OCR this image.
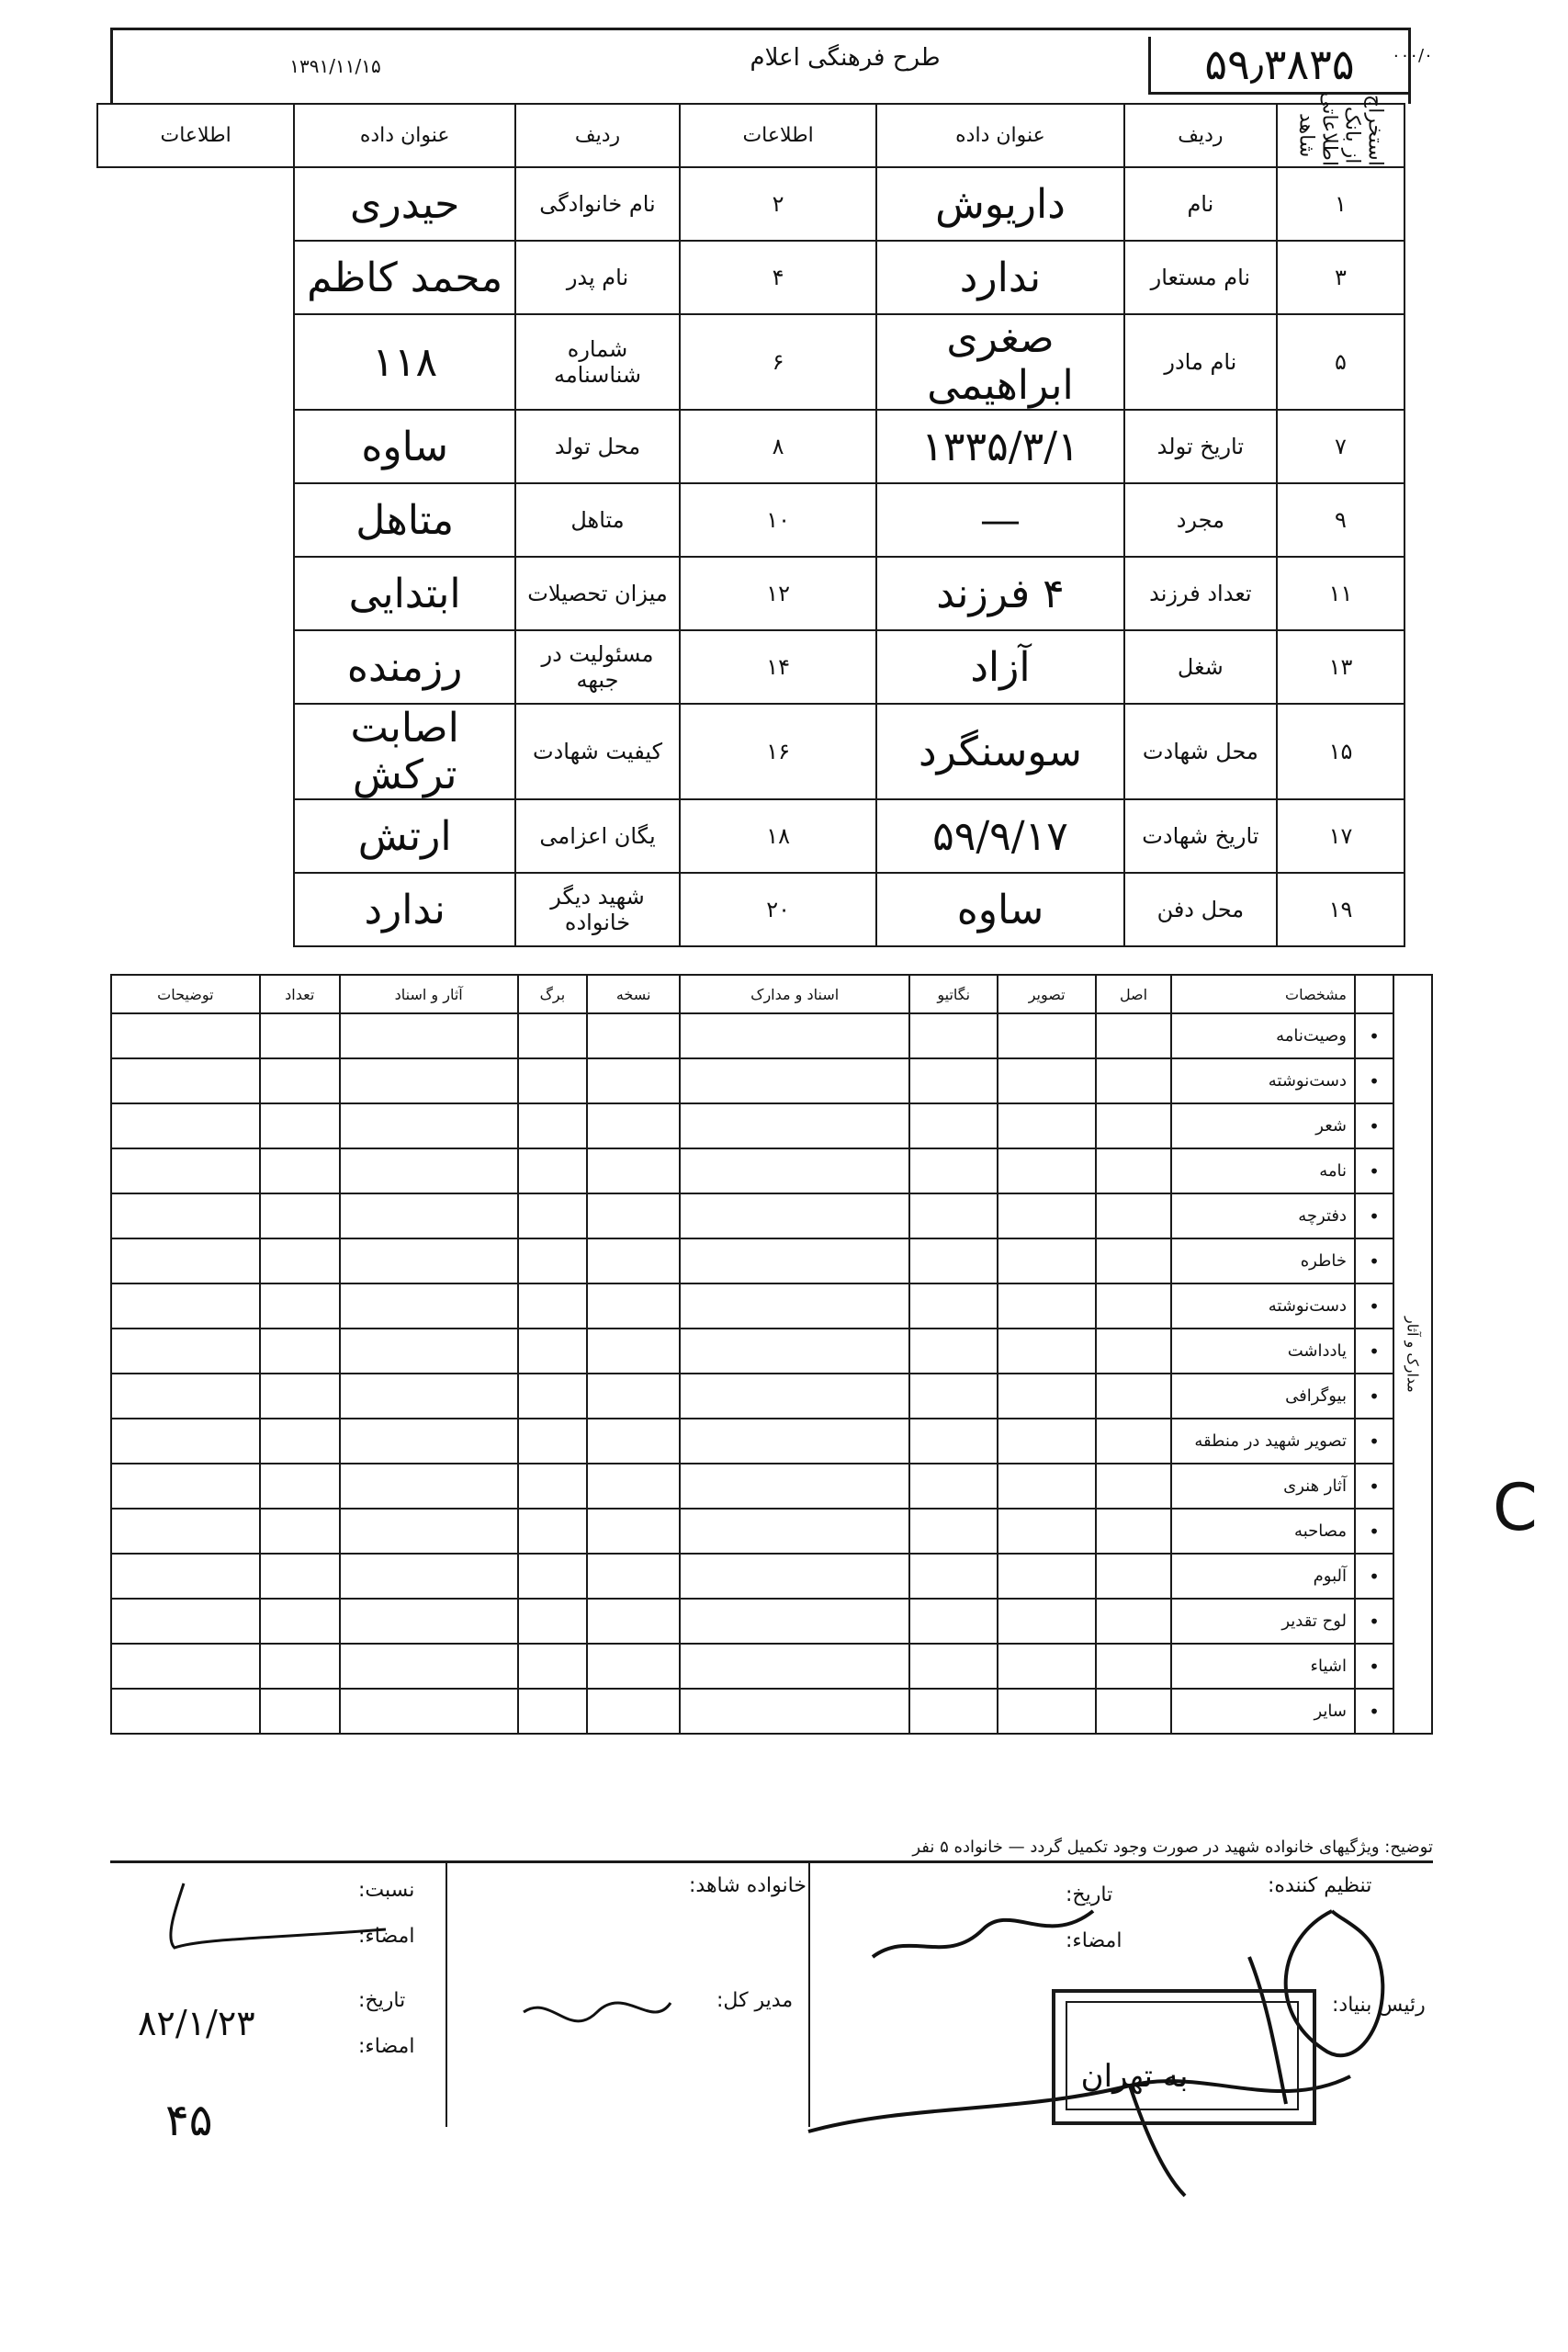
۵۹٫۳۸۳۵
طرح فرهنگی اعلام
۱۳۹۱/۱۱/۱۵	۰۰۰/۰
استخراج از بانک اطلاعاتی شاهد	ردیف	عنوان داده	اطلاعات	ردیف	عنوان داده	اطلاعات
۱	نام	داریوش	۲	نام خانوادگی	حیدری	
۳	نام مستعار	ندارد	۴	نام پدر	محمد کاظم	
۵	نام مادر	صغری ابراهیمی	۶	شماره شناسنامه	۱۱۸	
۷	تاریخ تولد	۱۳۳۵/۳/۱	۸	محل تولد	ساوه	
۹	مجرد	—	۱۰	متاهل	متاهل	
۱۱	تعداد فرزند	۴ فرزند	۱۲	میزان تحصیلات	ابتدایی	
۱۳	شغل	آزاد	۱۴	مسئولیت در جبهه	رزمنده	
۱۵	محل شهادت	سوسنگرد	۱۶	کیفیت شهادت	اصابت ترکش	
۱۷	تاریخ شهادت	۵۹/۹/۱۷	۱۸	یگان اعزامی	ارتش	
۱۹	محل دفن	ساوه	۲۰	شهید دیگر خانواده	ندارد	
مدارک و آثار		مشخصات	اصل	تصویر	نگاتیو	اسناد و مدارک	نسخه	برگ	آثار و اسناد	تعداد	توضیحات
	•	وصیت‌نامه									
	•	دست‌نوشته									
	•	شعر									
	•	نامه									
	•	دفترچه									
	•	خاطره									
	•	دست‌نوشته									
	•	یادداشت									
	•	بیوگرافی									
	•	تصویر شهید در منطقه									
	•	آثار هنری									
	•	مصاحبه									
	•	آلبوم									
	•	لوح تقدیر									
	•	اشیاء									
	•	سایر									
توضیح: ویژگیهای خانواده شهید در صورت وجود تکمیل گردد — خانواده ۵ نفر
تنظیم کننده:
تاریخ:
امضاء:
رئیس بنیاد:
خانواده شاهد:
مدیر کل:
نسبت:
امضاء:
تاریخ:
امضاء:
۸۲/۱/۲۳
به تهران
۴۵
C
